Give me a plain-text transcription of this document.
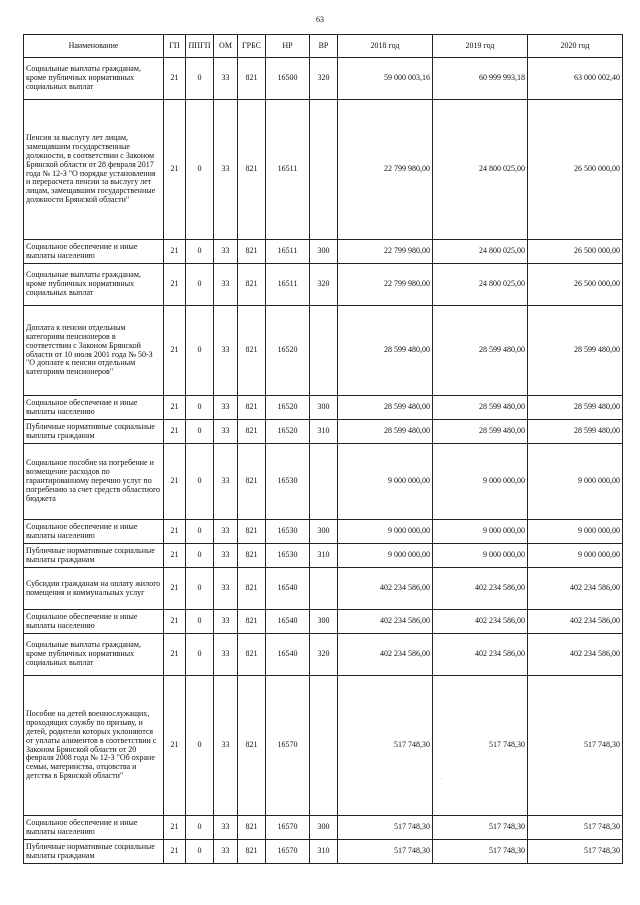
63
Наименование	ГП	ППГП	ОМ	ГРБС	НР	ВР	2018 год	2019 год	2020 год
Социальные выплаты гражданам, кроме публичных нормативных социальных выплат	21	0	33	821	16500	320	59 000 003,16	60 999 993,18	63 000 002,40
Пенсия за выслугу лет лицам, замещавшим государственные должности, в соответствии с Законом Брянской области от 28 февраля 2017 года № 12-З "О порядке установления и перерасчета пенсии за выслугу лет лицам, замещавшим государственные должности Брянской области"	21	0	33	821	16511		22 799 980,00	24 800 025,00	26 500 000,00
Социальное обеспечение и иные выплаты населению	21	0	33	821	16511	300	22 799 980,00	24 800 025,00	26 500 000,00
Социальные выплаты гражданам, кроме публичных нормативных социальных выплат	21	0	33	821	16511	320	22 799 980,00	24 800 025,00	26 500 000,00
Доплата к пенсии отдельным категориям пенсионеров в соответствии с Законом Брянской области от 10 июля 2001 года № 50-З "О доплате к пенсии отдельным категориям пенсионеров"	21	0	33	821	16520		28 599 480,00	28 599 480,00	28 599 480,00
Социальное обеспечение и иные выплаты населению	21	0	33	821	16520	300	28 599 480,00	28 599 480,00	28 599 480,00
Публичные нормативные социальные выплаты гражданам	21	0	33	821	16520	310	28 599 480,00	28 599 480,00	28 599 480,00
Социальное пособие на погребение и возмещение расходов по гарантированному перечню услуг по погребению за счет средств областного бюджета	21	0	33	821	16530		9 000 000,00	9 000 000,00	9 000 000,00
Социальное обеспечение и иные выплаты населению	21	0	33	821	16530	300	9 000 000,00	9 000 000,00	9 000 000,00
Публичные нормативные социальные выплаты гражданам	21	0	33	821	16530	310	9 000 000,00	9 000 000,00	9 000 000,00
Субсидии гражданам на оплату жилого помещения и коммунальных услуг	21	0	33	821	16540		402 234 586,00	402 234 586,00	402 234 586,00
Социальное обеспечение и иные выплаты населению	21	0	33	821	16540	300	402 234 586,00	402 234 586,00	402 234 586,00
Социальные выплаты гражданам, кроме публичных нормативных социальных выплат	21	0	33	821	16540	320	402 234 586,00	402 234 586,00	402 234 586,00
Пособие на детей военнослужащих, проходящих службу по призыву, и детей, родители которых уклоняются от уплаты алиментов в соответствии с Законом Брянской области от 20 февраля 2008 года № 12-З "Об охране семьи, материнства, отцовства и детства в Брянской области"	21	0	33	821	16570		517 748,30	517 748,30	517 748,30
Социальное обеспечение и иные выплаты населению	21	0	33	821	16570	300	517 748,30	517 748,30	517 748,30
Публичные нормативные социальные выплаты гражданам	21	0	33	821	16570	310	517 748,30	517 748,30	517 748,30
.
